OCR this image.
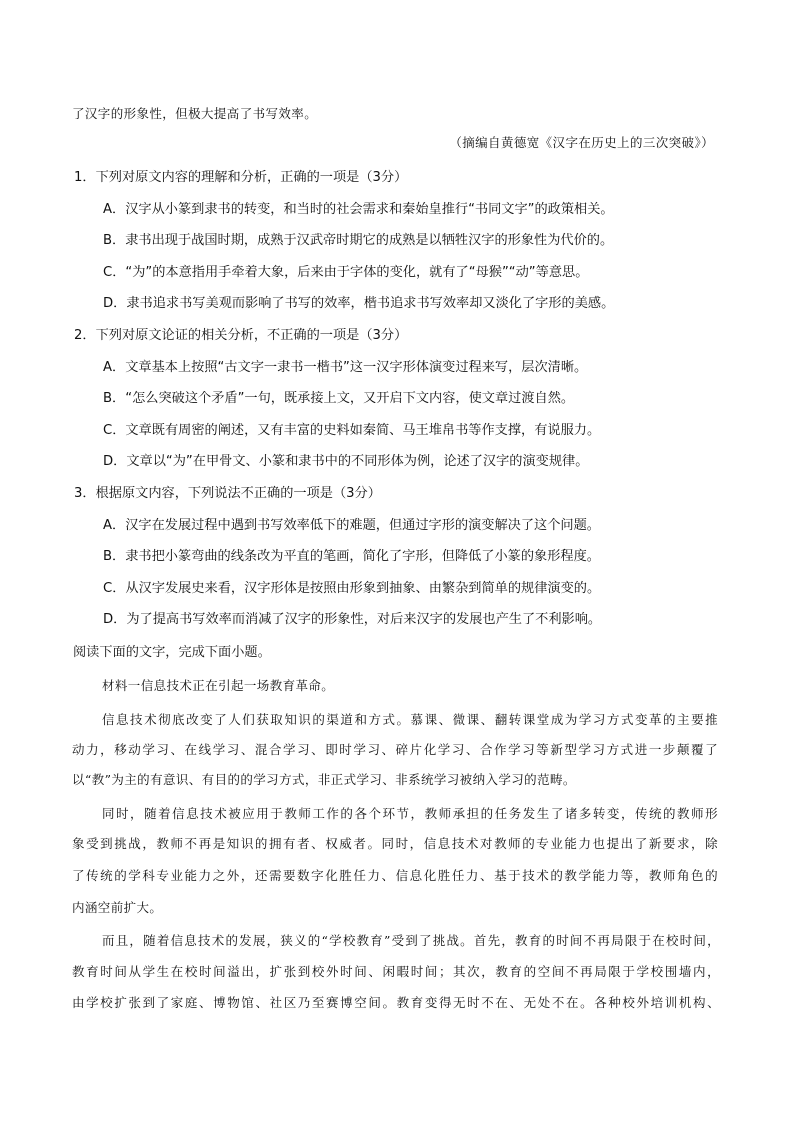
了汉字的形象性，但极大提高了书写效率。
（摘编自黄德宽《汉字在历史上的三次突破》）
1．下列对原文内容的理解和分析，正确的一项是（3分）
A．汉字从小篆到隶书的转变，和当时的社会需求和秦始皇推行“书同文字”的政策相关。
B．隶书出现于战国时期，成熟于汉武帝时期它的成熟是以牺牲汉字的形象性为代价的。
C．“为”的本意指用手牵着大象，后来由于字体的变化，就有了“母猴”“动”等意思。
D．隶书追求书写美观而影响了书写的效率，楷书追求书写效率却又淡化了字形的美感。
2．下列对原文论证的相关分析，不正确的一项是（3分）
A．文章基本上按照“古文字一隶书一楷书”这一汉字形体演变过程来写，层次清晰。
B．“怎么突破这个矛盾”一句，既承接上文，又开启下文内容，使文章过渡自然。
C．文章既有周密的阐述，又有丰富的史料如秦简、马王堆帛书等作支撑，有说服力。
D．文章以“为”在甲骨文、小篆和隶书中的不同形体为例，论述了汉字的演变规律。
3．根据原文内容，下列说法不正确的一项是（3分）
A．汉字在发展过程中遇到书写效率低下的难题，但通过字形的演变解决了这个问题。
B．隶书把小篆弯曲的线条改为平直的笔画，简化了字形，但降低了小篆的象形程度。
C．从汉字发展史来看，汉字形体是按照由形象到抽象、由繁杂到简单的规律演变的。
D．为了提高书写效率而消减了汉字的形象性，对后来汉字的发展也产生了不利影响。
阅读下面的文字，完成下面小题。
材料一信息技术正在引起一场教育革命。
信息技术彻底改变了人们获取知识的渠道和方式。慕课、微课、翻转课堂成为学习方式变革的主要推
动力，移动学习、在线学习、混合学习、即时学习、碎片化学习、合作学习等新型学习方式进一步颠覆了
以“教”为主的有意识、有目的的学习方式，非正式学习、非系统学习被纳入学习的范畴。
同时，随着信息技术被应用于教师工作的各个环节，教师承担的任务发生了诸多转变，传统的教师形
象受到挑战，教师不再是知识的拥有者、权威者。同时，信息技术对教师的专业能力也提出了新要求，除
了传统的学科专业能力之外，还需要数字化胜任力、信息化胜任力、基于技术的教学能力等，教师角色的
内涵空前扩大。
而且，随着信息技术的发展，狭义的“学校教育”受到了挑战。首先，教育的时间不再局限于在校时间，
教育时间从学生在校时间溢出，扩张到校外时间、闲暇时间；其次，教育的空间不再局限于学校围墙内，
由学校扩张到了家庭、博物馆、社区乃至赛博空间。教育变得无时不在、无处不在。各种校外培训机构、
